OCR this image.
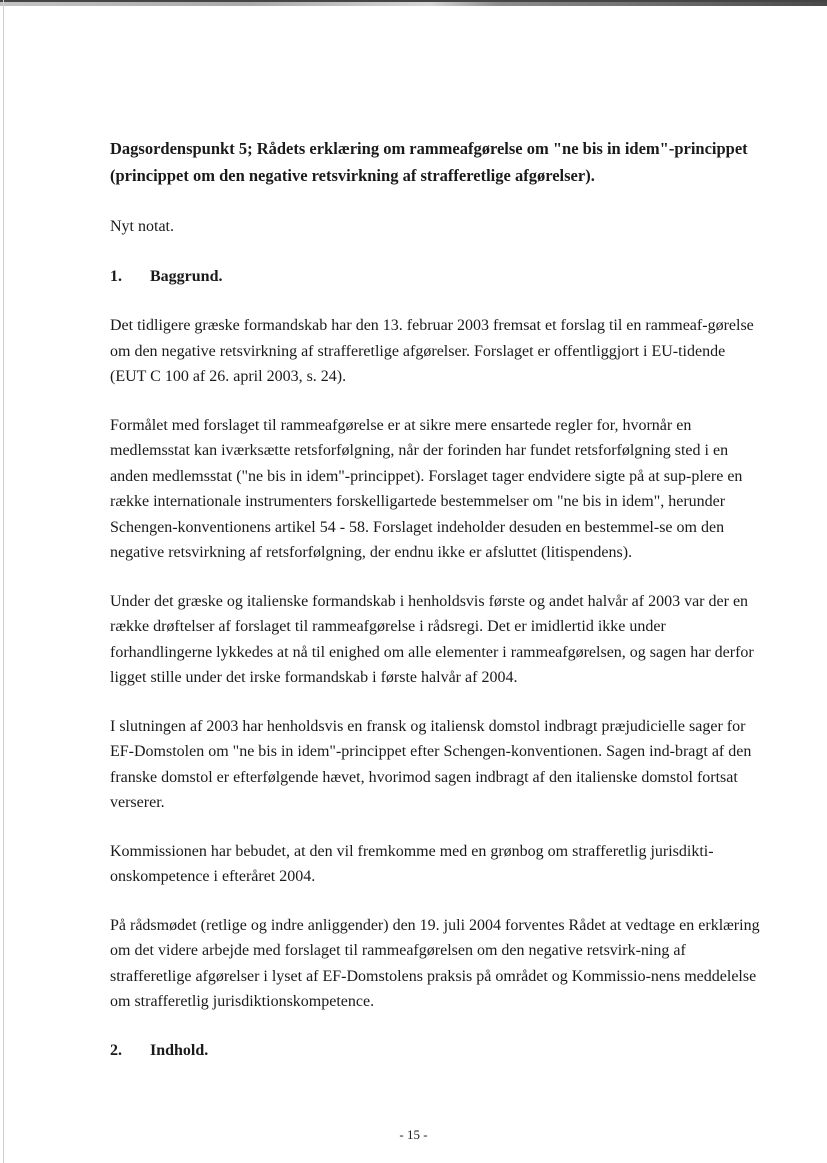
Dagsordenspunkt 5; Rådets erklæring om rammeafgørelse om "ne bis in idem"-princippet (princippet om den negative retsvirkning af strafferetlige afgørelser).
Nyt notat.
1. Baggrund.

Det tidligere græske formandskab har den 13. februar 2003 fremsat et forslag til en rammeaf-gørelse om den negative retsvirkning af strafferetlige afgørelser. Forslaget er offentliggjort i EU-tidende (EUT C 100 af 26. april 2003, s. 24).

Formålet med forslaget til rammeafgørelse er at sikre mere ensartede regler for, hvornår en medlemsstat kan iværksætte retsforfølgning, når der forinden har fundet retsforfølgning sted i en anden medlemsstat ("ne bis in idem"-princippet). Forslaget tager endvidere sigte på at sup-plere en række internationale instrumenters forskelligartede bestemmelser om "ne bis in idem", herunder Schengen-konventionens artikel 54 - 58. Forslaget indeholder desuden en bestemmel-se om den negative retsvirkning af retsforfølgning, der endnu ikke er afsluttet (litispendens).

Under det græske og italienske formandskab i henholdsvis første og andet halvår af 2003 var der en række drøftelser af forslaget til rammeafgørelse i rådsregi. Det er imidlertid ikke under forhandlingerne lykkedes at nå til enighed om alle elementer i rammeafgørelsen, og sagen har derfor ligget stille under det irske formandskab i første halvår af 2004.

I slutningen af 2003 har henholdsvis en fransk og italiensk domstol indbragt præjudicielle sager for EF-Domstolen om "ne bis in idem"-princippet efter Schengen-konventionen. Sagen ind-bragt af den franske domstol er efterfølgende hævet, hvorimod sagen indbragt af den italienske domstol fortsat verserer.

Kommissionen har bebudet, at den vil fremkomme med en grønbog om strafferetlig jurisdikti-onskompetence i efteråret 2004.

På rådsmødet (retlige og indre anliggender) den 19. juli 2004 forventes Rådet at vedtage en erklæring om det videre arbejde med forslaget til rammeafgørelsen om den negative retsvirk-ning af strafferetlige afgørelser i lyset af EF-Domstolens praksis på området og Kommissio-nens meddelelse om strafferetlig jurisdiktionskompetence.

2. Indhold.
- 15 -
